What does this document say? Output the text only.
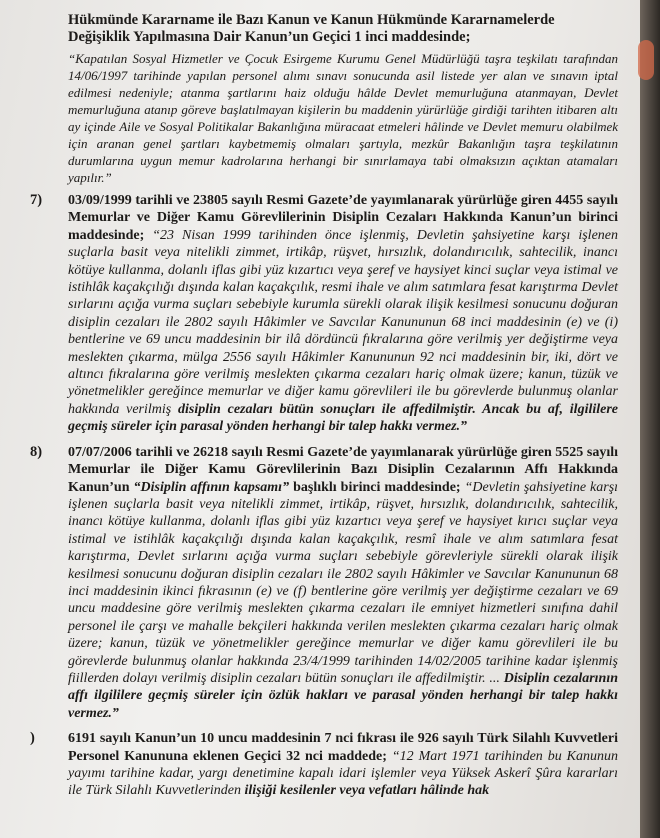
Hükmünde Kararname ile Bazı Kanun ve Kanun Hükmünde Kararnamelerde
Değişiklik Yapılmasına Dair Kanun’un Geçici 1 inci maddesinde;
“Kapatılan Sosyal Hizmetler ve Çocuk Esirgeme Kurumu Genel Müdürlüğü taşra teşkilatı tarafından 14/06/1997 tarihinde yapılan personel alımı sınavı sonucunda asil listede yer alan ve sınavın iptal edilmesi nedeniyle; atanma şartlarını haiz olduğu hâlde Devlet memurluğuna atanmayan, Devlet memurluğuna atanıp göreve başlatılmayan kişilerin bu maddenin yürürlüğe girdiği tarihten itibaren altı ay içinde Aile ve Sosyal Politikalar Bakanlığına müracaat etmeleri hâlinde ve Devlet memuru olabilmek için aranan genel şartları kaybetmemiş olmaları şartıyla, mezkûr Bakanlığın taşra teşkilatının durumlarına uygun memur kadrolarına herhangi bir sınırlamaya tabi olmaksızın açıktan atamaları yapılır.”
7)	03/09/1999 tarihli ve 23805 sayılı Resmi Gazete’de yayımlanarak yürürlüğe giren 4455 sayılı Memurlar ve Diğer Kamu Görevlilerinin Disiplin Cezaları Hakkında Kanun’un birinci maddesinde; “23 Nisan 1999 tarihinden önce işlenmiş, Devletin şahsiyetine karşı işlenen suçlarla basit veya nitelikli zimmet, irtikâp, rüşvet, hırsızlık, dolandırıcılık, sahtecilik, inancı kötüye kullanma, dolanlı iflas gibi yüz kızartıcı veya şeref ve haysiyet kinci suçlar veya istimal ve istihlâk kaçakçılığı dışında kalan kaçakçılık, resmi ihale ve alım satımlara fesat karıştırma Devlet sırlarını açığa vurma suçları sebebiyle kurumla sürekli olarak ilişik kesilmesi sonucunu doğuran disiplin cezaları ile 2802 sayılı Hâkimler ve Savcılar Kanununun 68 inci maddesinin (e) ve (i) bentlerine ve 69 uncu maddesinin bir ilâ dördüncü fıkralarına göre verilmiş yer değiştirme veya meslekten çıkarma, mülga 2556 sayılı Hâkimler Kanununun 92 nci maddesinin bir, iki, dört ve altıncı fıkralarına göre verilmiş meslekten çıkarma cezaları hariç olmak üzere; kanun, tüzük ve yönetmelikler gereğince memurlar ve diğer kamu görevlileri ile bu görevlerde bulunmuş olanlar hakkında verilmiş disiplin cezaları bütün sonuçları ile affedilmiştir. Ancak bu af, ilgililere geçmiş süreler için parasal yönden herhangi bir talep hakkı vermez.”
8)	07/07/2006 tarihli ve 26218 sayılı Resmi Gazete’de yayımlanarak yürürlüğe giren 5525 sayılı Memurlar ile Diğer Kamu Görevlilerinin Bazı Disiplin Cezalarının Affı Hakkında Kanun’un “Disiplin affının kapsamı” başlıklı birinci maddesinde; “Devletin şahsiyetine karşı işlenen suçlarla basit veya nitelikli zimmet, irtikâp, rüşvet, hırsızlık, dolandırıcılık, sahtecilik, inancı kötüye kullanma, dolanlı iflas gibi yüz kızartıcı veya şeref ve haysiyet kırıcı suçlar veya istimal ve istihlâk kaçakçılığı dışında kalan kaçakçılık, resmî ihale ve alım satımlara fesat karıştırma, Devlet sırlarını açığa vurma suçları sebebiyle görevleriyle sürekli olarak ilişik kesilmesi sonucunu doğuran disiplin cezaları ile 2802 sayılı Hâkimler ve Savcılar Kanununun 68 inci maddesinin ikinci fıkrasının (e) ve (f) bentlerine göre verilmiş yer değiştirme cezaları ve 69 uncu maddesine göre verilmiş meslekten çıkarma cezaları ile emniyet hizmetleri sınıfına dahil personel ile çarşı ve mahalle bekçileri hakkında verilen meslekten çıkarma cezaları hariç olmak üzere; kanun, tüzük ve yönetmelikler gereğince memurlar ve diğer kamu görevlileri ile bu görevlerde bulunmuş olanlar hakkında 23/4/1999 tarihinden 14/02/2005 tarihine kadar işlenmiş fiillerden dolayı verilmiş disiplin cezaları bütün sonuçları ile affedilmiştir. ... Disiplin cezalarının affı ilgililere geçmiş süreler için özlük hakları ve parasal yönden herhangi bir talep hakkı vermez.”
)	6191 sayılı Kanun’un 10 uncu maddesinin 7 nci fıkrası ile 926 sayılı Türk Silahlı Kuvvetleri Personel Kanununa eklenen Geçici 32 nci maddede; “12 Mart 1971 tarihinden bu Kanunun yayımı tarihine kadar, yargı denetimine kapalı idari işlemler veya Yüksek Askerî Şûra kararları ile Türk Silahlı Kuvvetlerinden ilişiği kesilenler veya vefatları hâlinde hak
